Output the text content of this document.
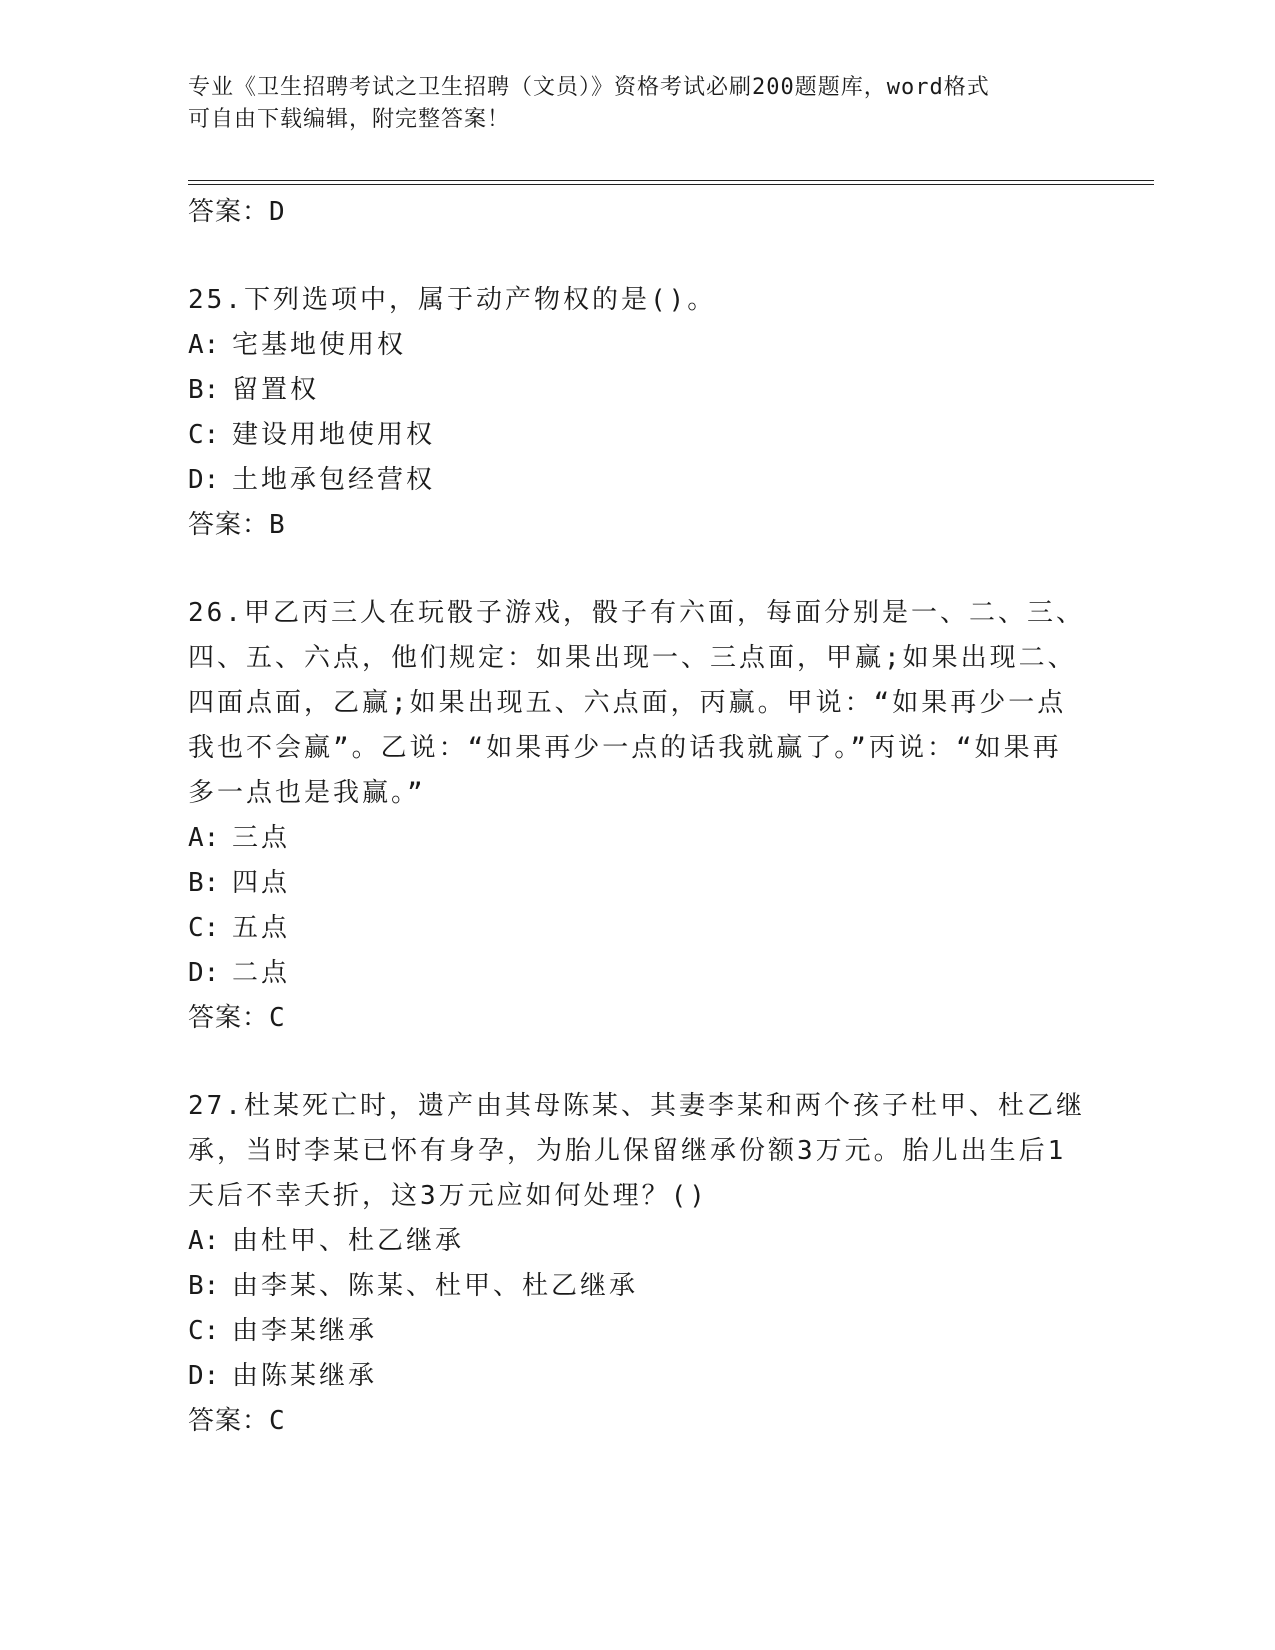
专业《卫生招聘考试之卫生招聘（文员）》资格考试必刷200题题库，word格式
可自由下载编辑，附完整答案！
答案：D
25.下列选项中，属于动产物权的是()。
A: 宅基地使用权
B: 留置权
C: 建设用地使用权
D: 土地承包经营权
答案：B
26.甲乙丙三人在玩骰子游戏，骰子有六面，每面分别是一、二、三、四、五、六点，他们规定：如果出现一、三点面，甲赢;如果出现二、四面点面，乙赢;如果出现五、六点面，丙赢。甲说：“如果再少一点我也不会赢”。乙说：“如果再少一点的话我就赢了。”丙说：“如果再多一点也是我赢。”
A: 三点
B: 四点
C: 五点
D: 二点
答案：C
27.杜某死亡时，遗产由其母陈某、其妻李某和两个孩子杜甲、杜乙继承，当时李某已怀有身孕，为胎儿保留继承份额3万元。胎儿出生后1天后不幸夭折，这3万元应如何处理？()
A: 由杜甲、杜乙继承
B: 由李某、陈某、杜甲、杜乙继承
C: 由李某继承
D: 由陈某继承
答案：C
